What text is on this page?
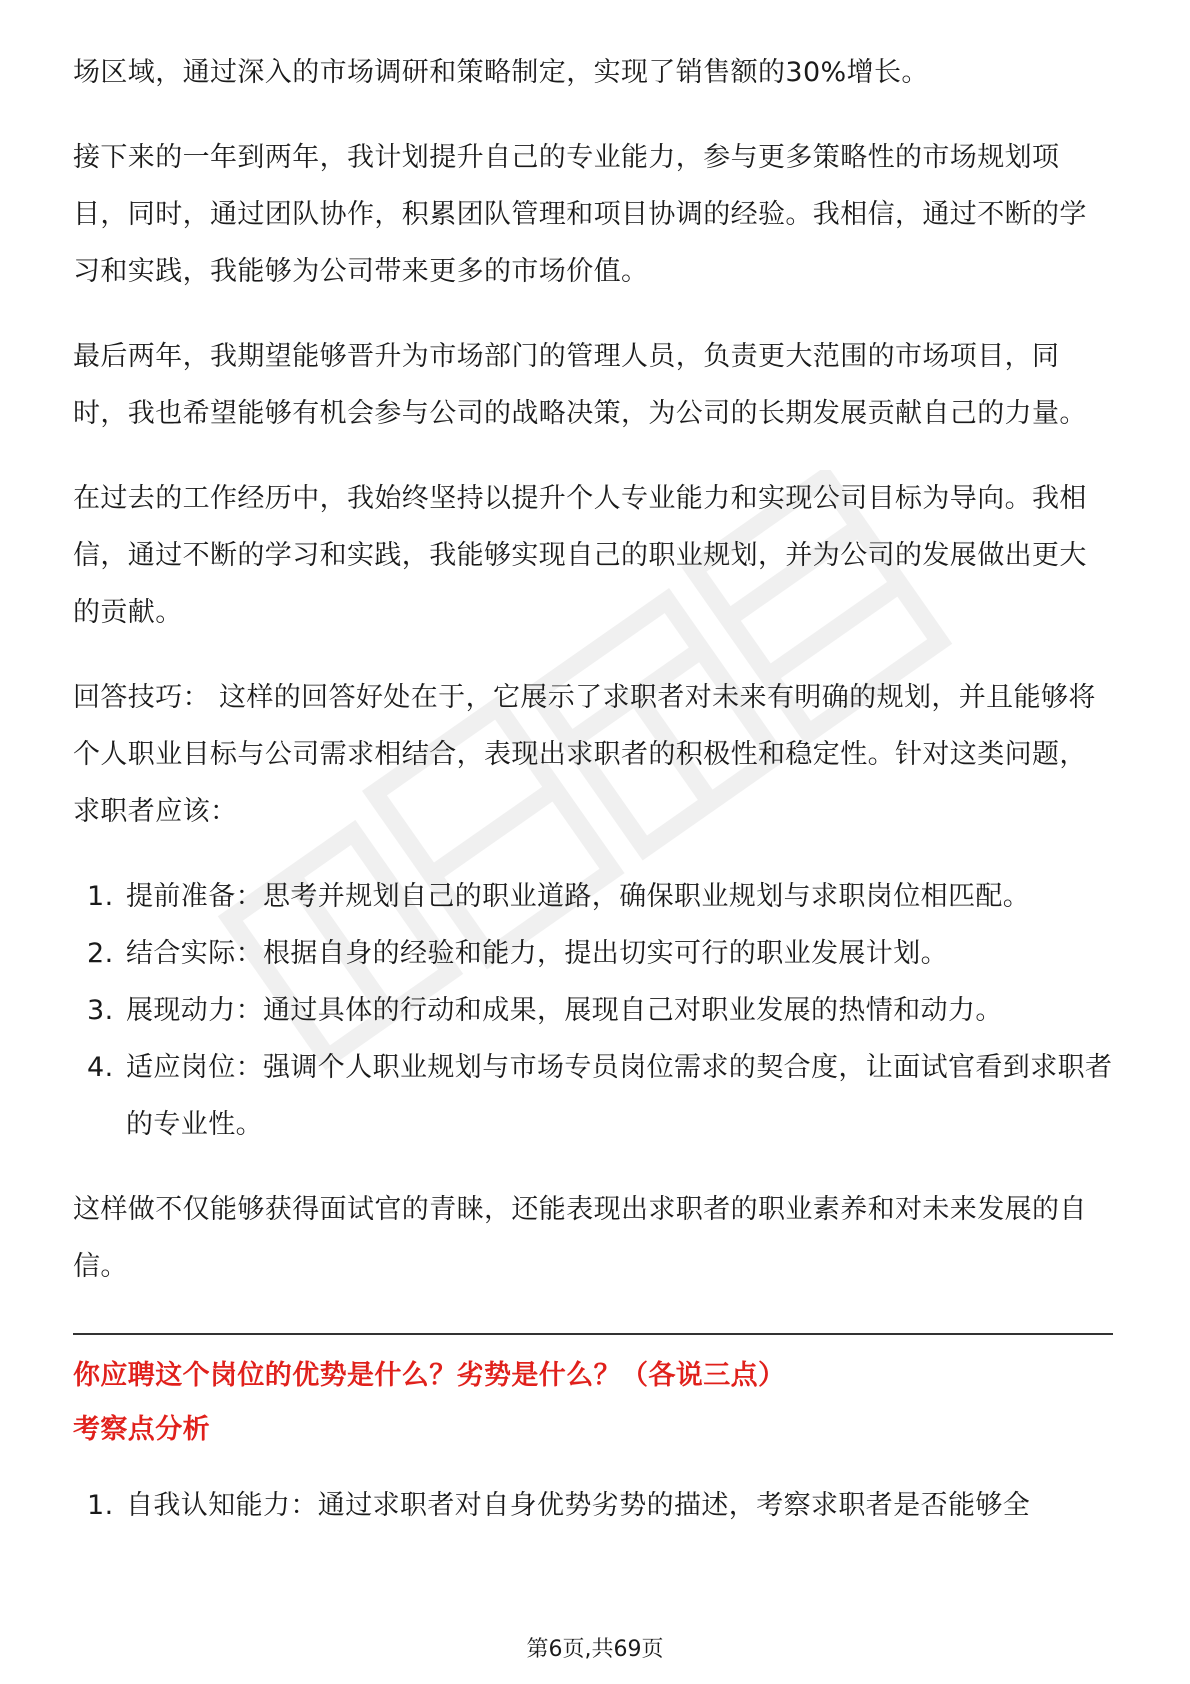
场区域，通过深入的市场调研和策略制定，实现了销售额的30%增长。

接下来的一年到两年，我计划提升自己的专业能力，参与更多策略性的市场规划项目，同时，通过团队协作，积累团队管理和项目协调的经验。我相信，通过不断的学习和实践，我能够为公司带来更多的市场价值。

最后两年，我期望能够晋升为市场部门的管理人员，负责更大范围的市场项目，同时，我也希望能够有机会参与公司的战略决策，为公司的长期发展贡献自己的力量。

在过去的工作经历中，我始终坚持以提升个人专业能力和实现公司目标为导向。我相信，通过不断的学习和实践，我能够实现自己的职业规划，并为公司的发展做出更大的贡献。

回答技巧： 这样的回答好处在于，它展示了求职者对未来有明确的规划，并且能够将个人职业目标与公司需求相结合，表现出求职者的积极性和稳定性。针对这类问题，求职者应该：

1. 提前准备：思考并规划自己的职业道路，确保职业规划与求职岗位相匹配。
2. 结合实际：根据自身的经验和能力，提出切实可行的职业发展计划。
3. 展现动力：通过具体的行动和成果，展现自己对职业发展的热情和动力。
4. 适应岗位：强调个人职业规划与市场专员岗位需求的契合度，让面试官看到求职者的专业性。

这样做不仅能够获得面试官的青睐，还能表现出求职者的职业素养和对未来发展的自信。

你应聘这个岗位的优势是什么？劣势是什么？（各说三点）

考察点分析

1. 自我认知能力：通过求职者对自身优势劣势的描述，考察求职者是否能够全
第6页,共69页
